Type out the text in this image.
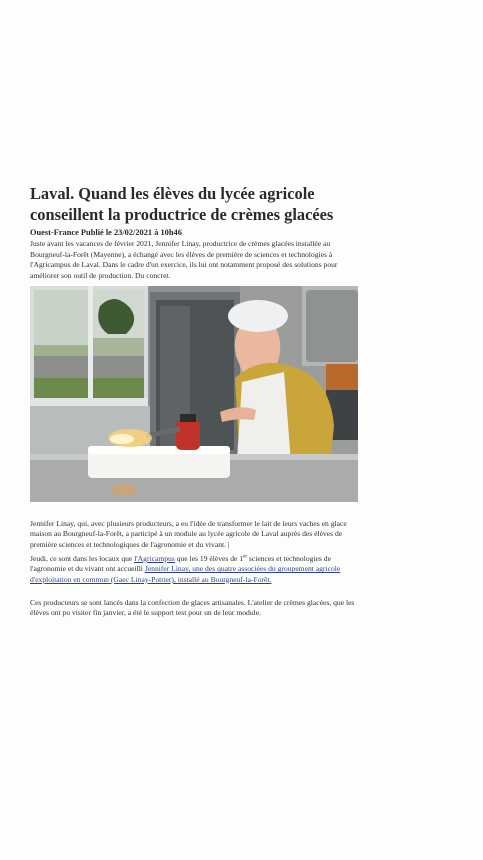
Laval. Quand les élèves du lycée agricole conseillent la productrice de crèmes glacées
Ouest-France Publié le 23/02/2021 à 10h46

Juste avant les vacances de février 2021, Jennifer Linay, productrice de crèmes glacées installée au Bourgneuf-la-Forêt (Mayenne), a échangé avec les élèves de première de sciences et technologies à l'Agricampus de Laval. Dans le cadre d'un exercice, ils lui ont notamment proposé des solutions pour améliorer son outil de production. Du concret.

Jennifer Linay, qui, avec plusieurs producteurs, a eu l'idée de transformer le lait de leurs vaches en glace maison au Bourgneuf-la-Forêt, a participé à un module au lycée agricole de Laval auprès des élèves de première sciences et technologiques de l'agronomie et du vivant. |

Jeudi, ce sont dans les locaux que l'Agricampus que les 19 élèves de 1er sciences et technologies de l'agronomie et du vivant ont accueilli Jennifer Linay, une des quatre associées du groupement agricole d'exploitation en commun (Gaec Linay-Pottier), installé au Bourgneuf-la-Forêt.

Ces producteurs se sont lancés dans la confection de glaces artisanales. L'atelier de crèmes glacées, que les élèves ont pu visiter fin janvier, a été le support test pour un de leur module.
